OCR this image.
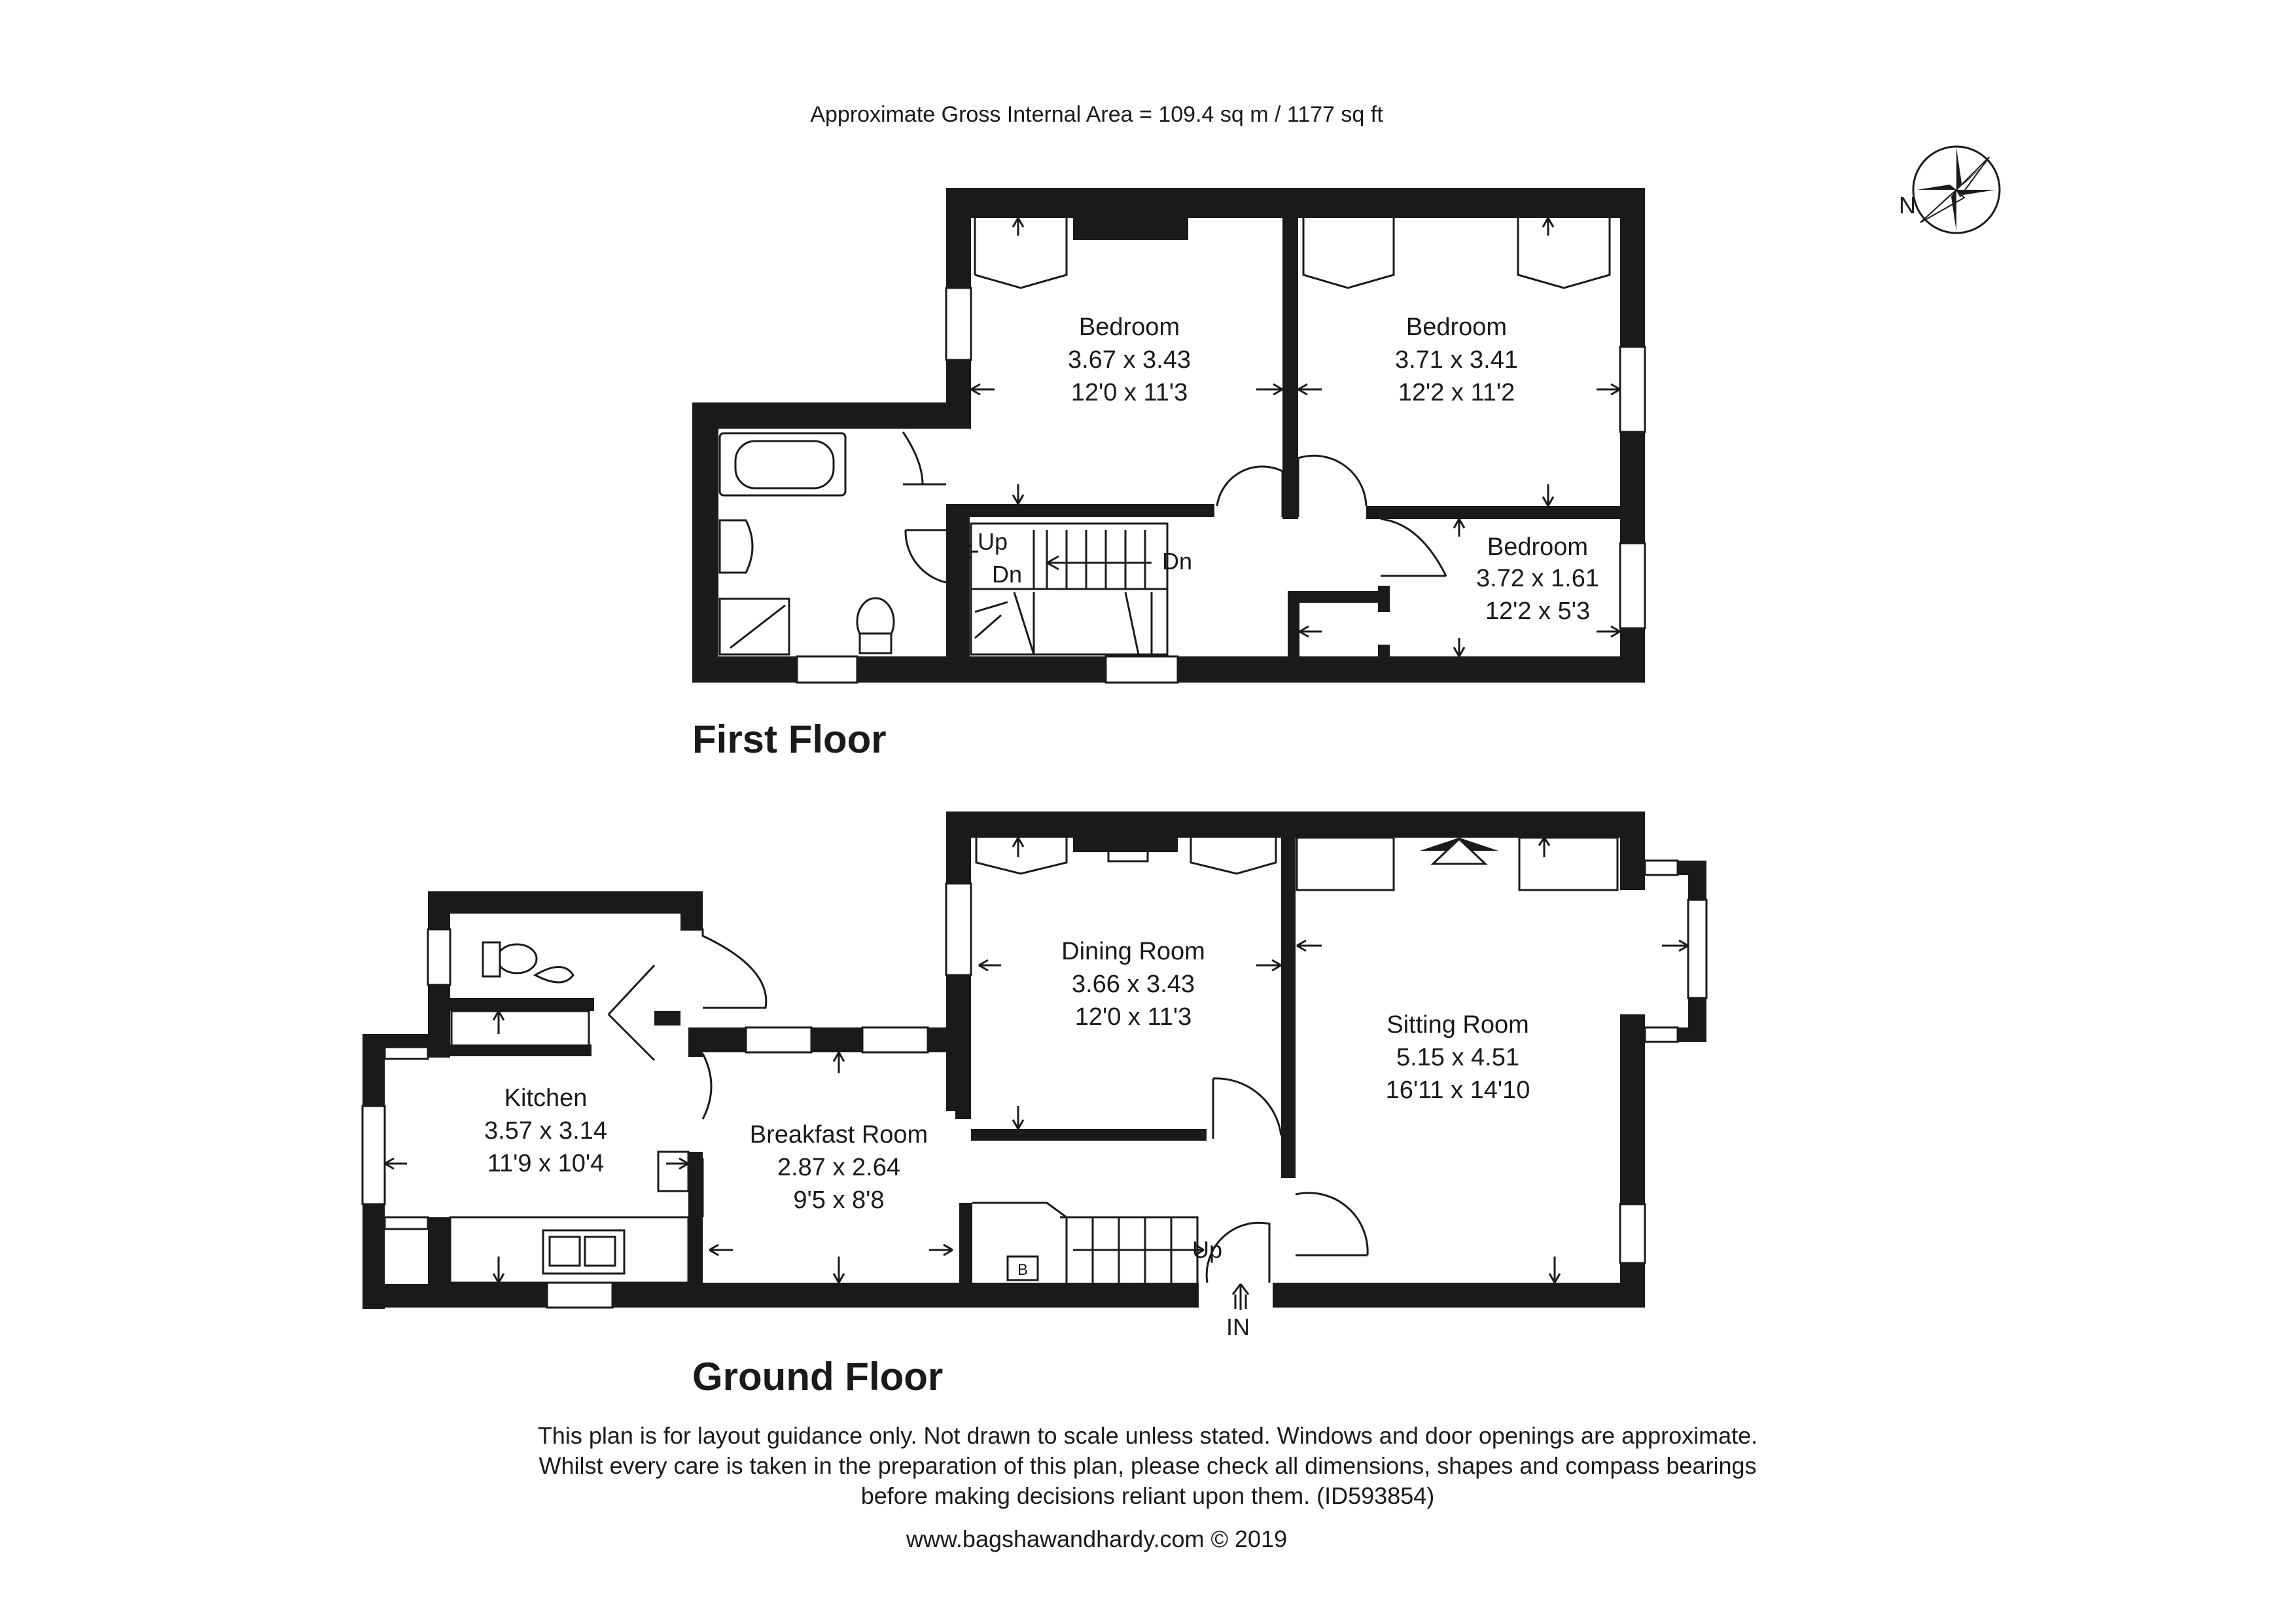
Approximate Gross Internal Area = 109.4 sq m / 1177 sq ft
N
Bedroom
3.67 x 3.43
12'0 x 11'3
Bedroom
3.71 x 3.41
12'2 x 11'2
Bedroom
3.72 x 1.61
12'2 x 5'3
Up
Dn	Dn
First Floor
B
Kitchen
3.57 x 3.14
11'9 x 10'4
Breakfast Room
2.87 x 2.64
9'5 x 8'8
Dining Room
3.66 x 3.43
12'0 x 11'3	Sitting Room
5.15 x 4.51
16'11 x 14'10
Up
IN
Ground Floor
This plan is for layout guidance only. Not drawn to scale unless stated. Windows and door openings are approximate.
Whilst every care is taken in the preparation of this plan, please check all dimensions, shapes and compass bearings
before making decisions reliant upon them. (ID593854)
www.bagshawandhardy.com © 2019
